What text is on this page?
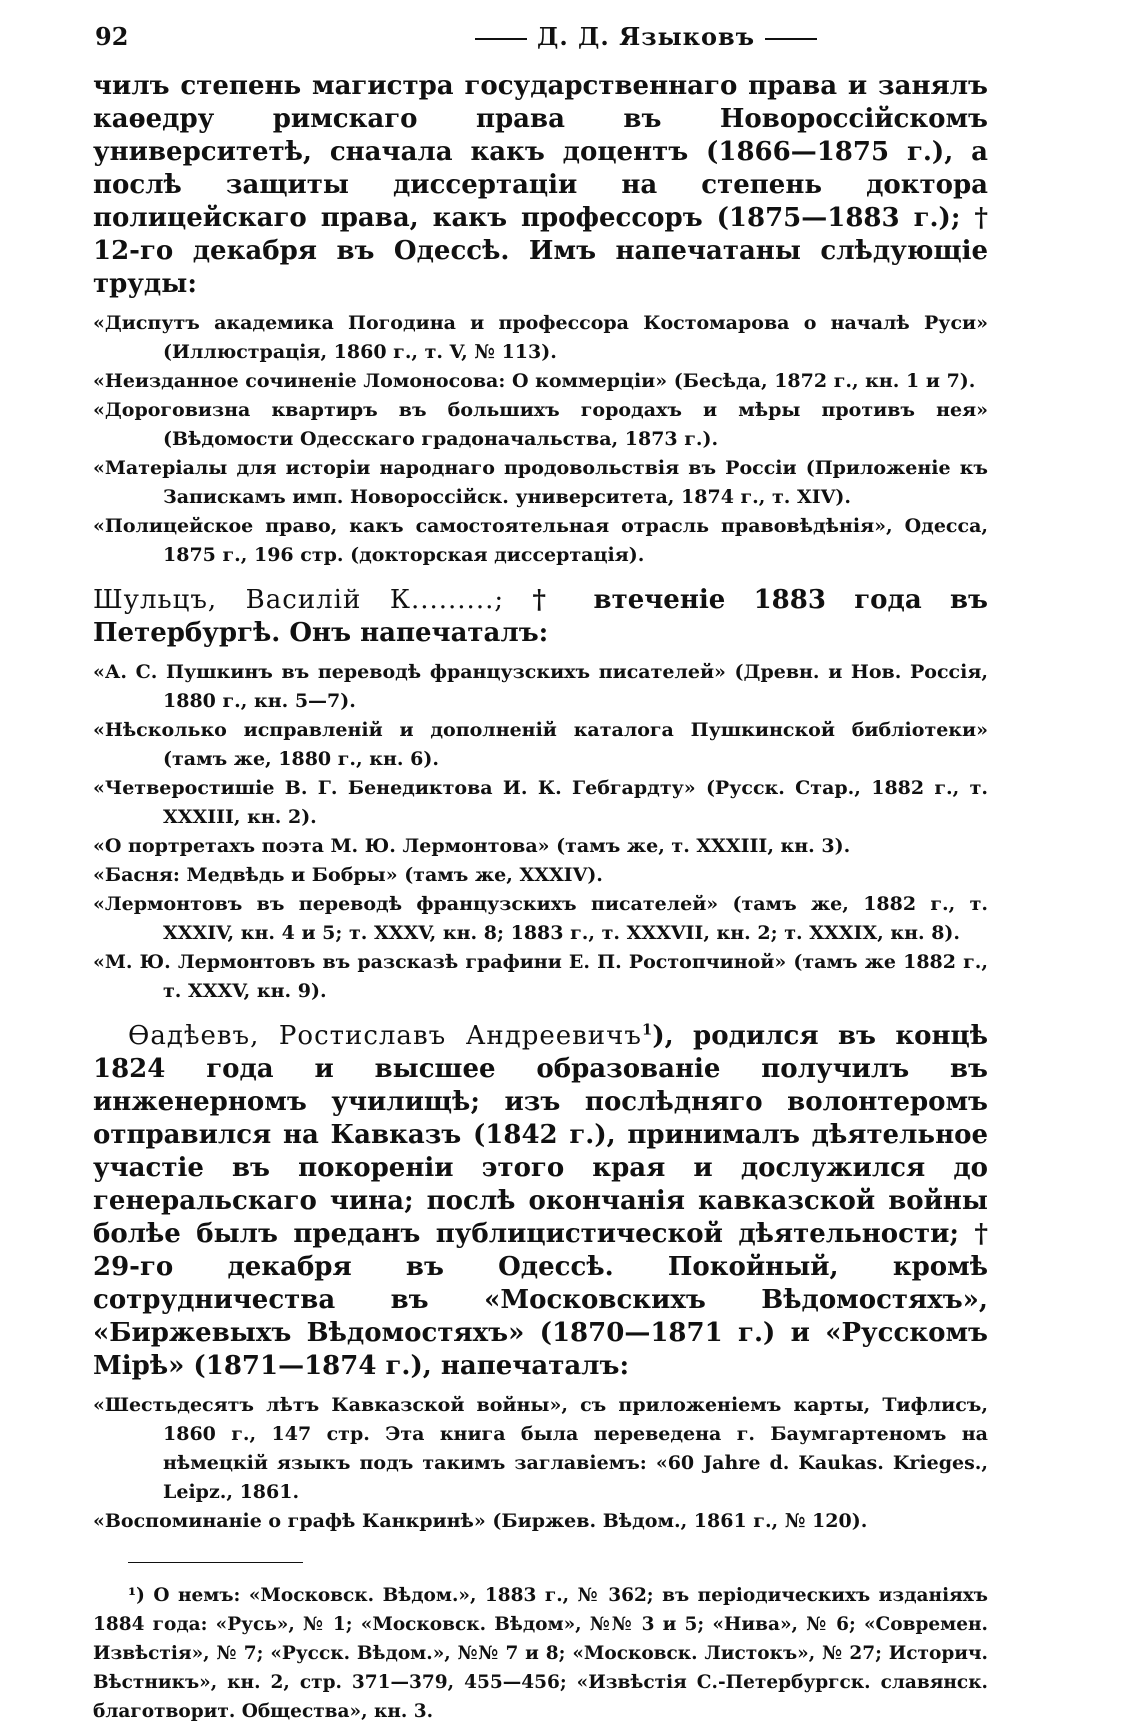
92	Д. Д. Языковъ

чилъ степень магистра государственнаго права и занялъ каѳедру римскаго права въ Новороссійскомъ университетѣ, сначала какъ доцентъ (1866—1875 г.), а послѣ защиты диссертаціи на степень доктора полицейскаго права, какъ профессоръ (1875—1883 г.); † 12-го декабря въ Одессѣ. Имъ напечатаны слѣдующіе труды:

«Диспутъ академика Погодина и профессора Костомарова о началѣ Руси» (Иллюстрація, 1860 г., т. V, № 113).

«Неизданное сочиненіе Ломоносова: О коммерціи» (Бесѣда, 1872 г., кн. 1 и 7).

«Дороговизна квартиръ въ большихъ городахъ и мѣры противъ нея» (Вѣдомости Одесскаго градоначальства, 1873 г.).

«Матеріалы для исторіи народнаго продовольствія въ Россіи (Приложеніе къ Запискамъ имп. Новороссійск. университета, 1874 г., т. XIV).

«Полицейское право, какъ самостоятельная отрасль правовѣдѣнія», Одесса, 1875 г., 196 стр. (докторская диссертація).

Шульцъ, Василій К.........; † втеченіе 1883 года въ Петербургѣ. Онъ напечаталъ:

«А. С. Пушкинъ въ переводѣ французскихъ писателей» (Древн. и Нов. Россія, 1880 г., кн. 5—7).

«Нѣсколько исправленій и дополненій каталога Пушкинской библіотеки» (тамъ же, 1880 г., кн. 6).

«Четверостишіе В. Г. Бенедиктова И. К. Гебгардту» (Русск. Стар., 1882 г., т. XXXIII, кн. 2).

«О портретахъ поэта М. Ю. Лермонтова» (тамъ же, т. XXXIII, кн. 3).

«Басня: Медвѣдь и Бобры» (тамъ же, XXXIV).

«Лермонтовъ въ переводѣ французскихъ писателей» (тамъ же, 1882 г., т. XXXIV, кн. 4 и 5; т. XXXV, кн. 8; 1883 г., т. XXXVII, кн. 2; т. XXXIX, кн. 8).

«М. Ю. Лермонтовъ въ разсказѣ графини Е. П. Ростопчиной» (тамъ же 1882 г., т. XXXV, кн. 9).

Ѳадѣевъ, Ростиславъ Андреевичъ$^1$), родился въ концѣ 1824 года и высшее образованіе получилъ въ инженерномъ училищѣ; изъ послѣдняго волонтеромъ отправился на Кавказъ (1842 г.), принималъ дѣятельное участіе въ покореніи этого края и дослужился до генеральскаго чина; послѣ окончанія кавказской войны болѣе былъ преданъ публицистической дѣятельности; † 29-го декабря въ Одессѣ. Покойный, кромѣ сотрудничества въ «Московскихъ Вѣдомостяхъ», «Биржевыхъ Вѣдомостяхъ» (1870—1871 г.) и «Русскомъ Мірѣ» (1871—1874 г.), напечаталъ:

«Шестьдесятъ лѣтъ Кавказской войны», съ приложеніемъ карты, Тифлисъ, 1860 г., 147 стр. Эта книга была переведена г. Баумгартеномъ на нѣмецкій языкъ подъ такимъ заглавіемъ: «60 Jahre d. Kaukas. Krieges., Leipz., 1861.

«Воспоминаніе о графѣ Канкринѣ» (Биржев. Вѣдом., 1861 г., № 120).

¹) О немъ: «Московск. Вѣдом.», 1883 г., № 362; въ періодическихъ изданіяхъ 1884 года: «Русь», № 1; «Московск. Вѣдом», №№ 3 и 5; «Нива», № 6; «Современ. Извѣстія», № 7; «Русск. Вѣдом.», №№ 7 и 8; «Московск. Листокъ», № 27; Историч. Вѣстникъ», кн. 2, стр. 371—379, 455—456; «Извѣстія С.-Петербургск. славянск. благотворит. Общества», кн. 3.
